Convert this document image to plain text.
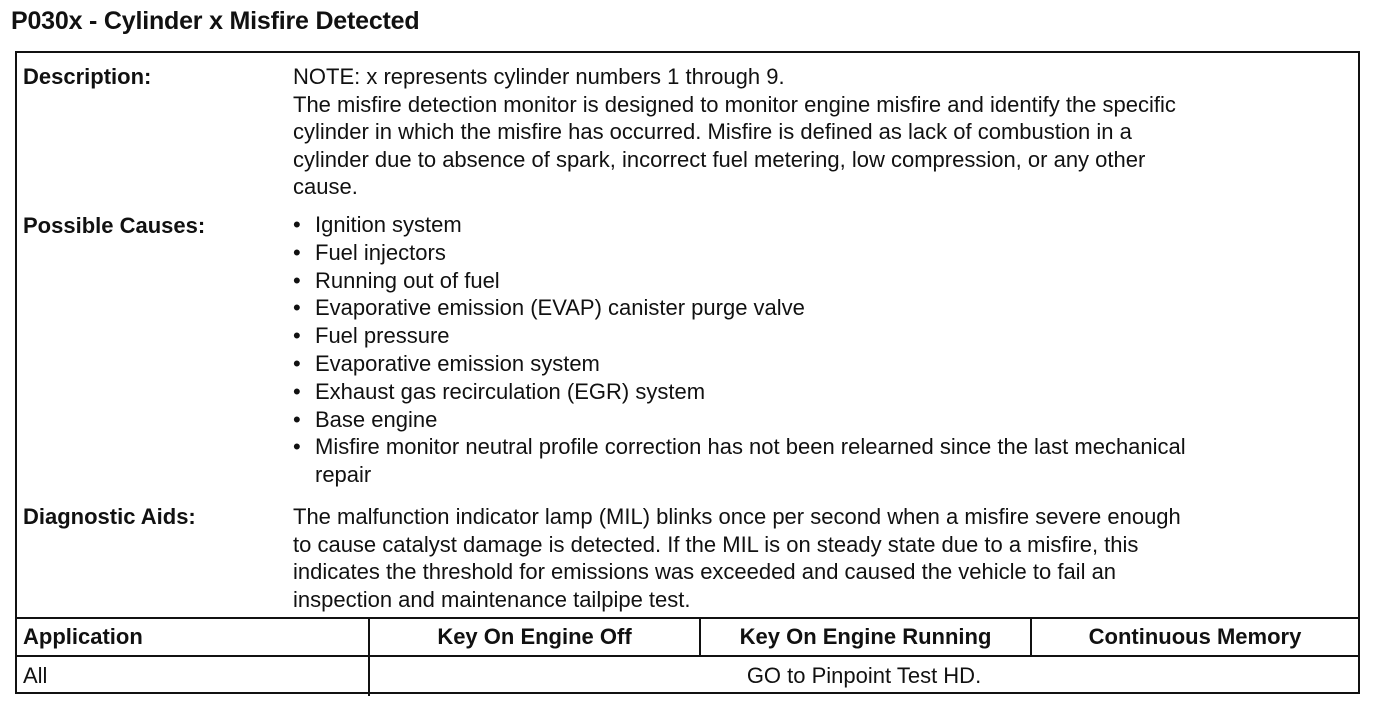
P030x - Cylinder x Misfire Detected
Description:	NOTE: x represents cylinder numbers 1 through 9.

The misfire detection monitor is designed to monitor engine misfire and identify the specific

cylinder in which the misfire has occurred. Misfire is defined as lack of combustion in a

cylinder due to absence of spark, incorrect fuel metering, low compression, or any other

cause.

Possible Causes:	• Ignition system
• Fuel injectors
• Running out of fuel
• Evaporative emission (EVAP) canister purge valve
• Fuel pressure
• Evaporative emission system
• Exhaust gas recirculation (EGR) system
• Base engine
• Misfire monitor neutral profile correction has not been relearned since the last mechanical
repair
Diagnostic Aids:	The malfunction indicator lamp (MIL) blinks once per second when a misfire severe enough

to cause catalyst damage is detected. If the MIL is on steady state due to a misfire, this

indicates the threshold for emissions was exceeded and caused the vehicle to fail an

inspection and maintenance tailpipe test.

Application	Key On Engine Off	Key On Engine Running	Continuous Memory
All	GO to Pinpoint Test HD.
